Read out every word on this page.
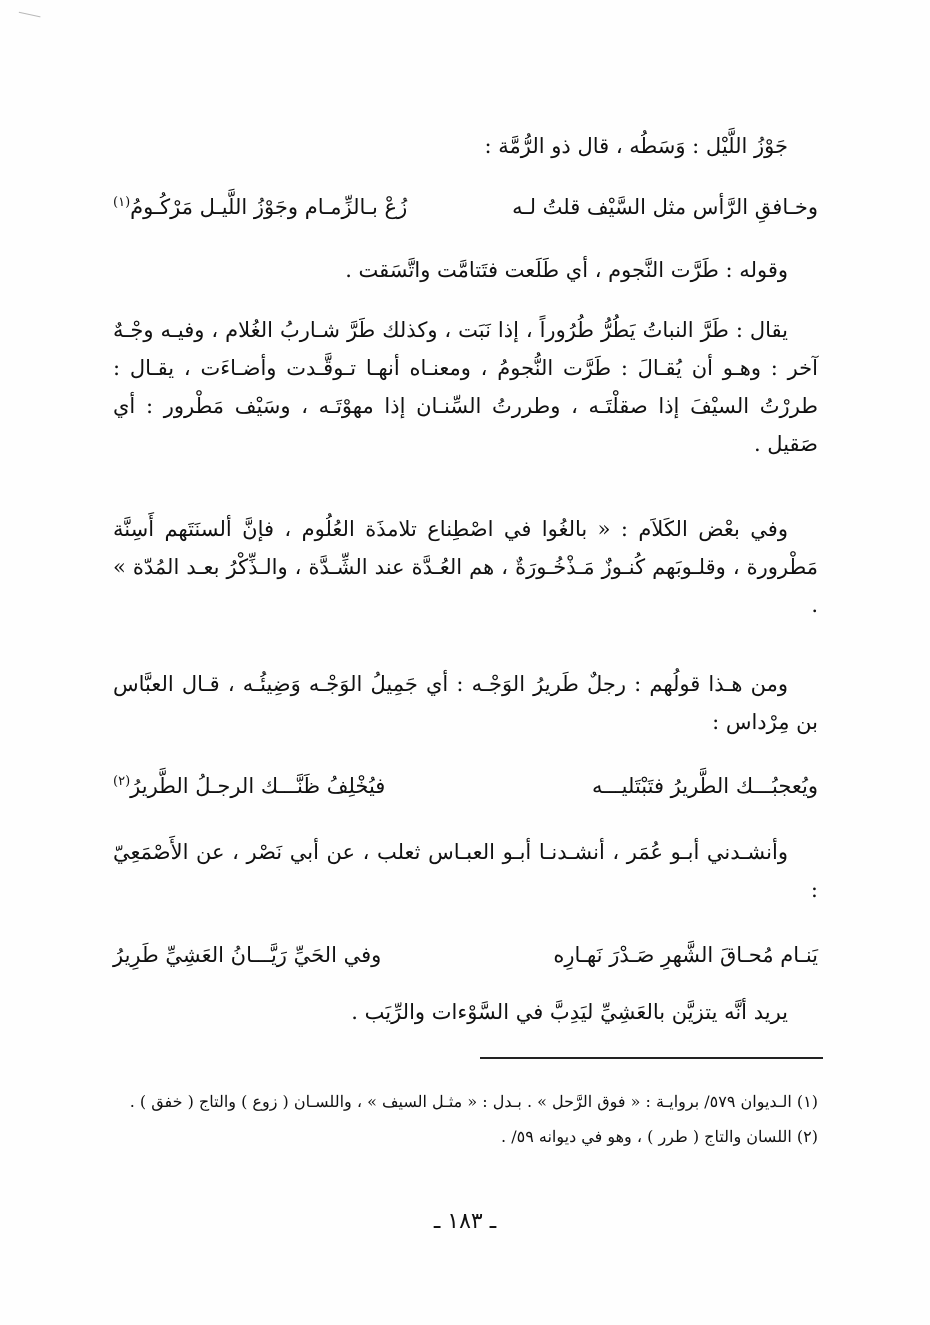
جَوْزُ اللَّيْل : وَسَطُه ، قال ذو الرُّمَّة :

وخـافقِ الرَّأس مثل السَّيْف قلتُ لـه
زُعْ بـالزِّمـام وجَوْزُ اللَّيـل مَرْكُـومُ$^{(١)}$

وقوله : طَرَّت النَّجوم ، أي طَلَعت فتَتامَّت واتَّسَقت .

يقال : طَرَّ النباتُ يَطُرُّ طُرُوراً ، إذا نَبَت ، وكذلك طَرَّ شـاربُ الغُلام ، وفيـه وجْـهٌ آخر : وهـو أن يُقـالَ : طَرَّت النُّجومُ ، ومعنـاه أنهـا تـوقَّـدت وأضـاءَت ، يقـال : طررْتُ السيْفَ إذا صقلْتَـه ، وطررتُ السِّنـان إذا مهوْتَـه ، وسَيْف مَطْرور : أي صَقيل .

وفي بعْض الكَلاَم : « بالغُوا في اصْطِناع تلامذَة العُلُوم ، فإنَّ ألسنَتَهم أَسِنَّة مَطْرورة ، وقلـوبَهم كُنـوزٌ مَـذْخُـورَةٌ ، هم العُـدَّة عند الشِّـدَّة ، والـذِّكْرُ بعـد المُدّة » .

ومن هـذا قولُهم : رجلٌ طَريرُ الوَجْـه : أي جَمِيلُ الوَجْـه وَضِيئُـه ، قـال العبَّاس بن مِرْداس :

ويُعجبُـــك الطَّريرُ فتَبْتَليـــه
فيُخْلِفُ ظَنَّـــك الرجـلُ الطَّريرُ$^{(٢)}$

وأنشـدني أبـو عُمَر ، أنشـدنـا أبـو العبـاس ثعلب ، عن أبي نَصْر ، عن الأَصْمَعِيّ :

يَنـام مُحـاقَ الشَّهرِ صَـدْرَ نَهـارِه
وفي الحَيِّ رَيَّـــانُ العَشِيِّ طَرِيرُ

يريد أنَّه يتزيَّن بالعَشِيِّ ليَدِبَّ في السَّوْءات والرِّيَب .

(١) الـديوان ٥٧٩/ بروايـة : « فوق الرَّحل » . بـدل : « مثـل السيف » ، واللسـان ( زوع ) والتاج ( خفق ) .

(٢) اللسان والتاج ( طرر ) ، وهو في ديوانه ٥٩/ .

ـ ١٨٣ ـ
